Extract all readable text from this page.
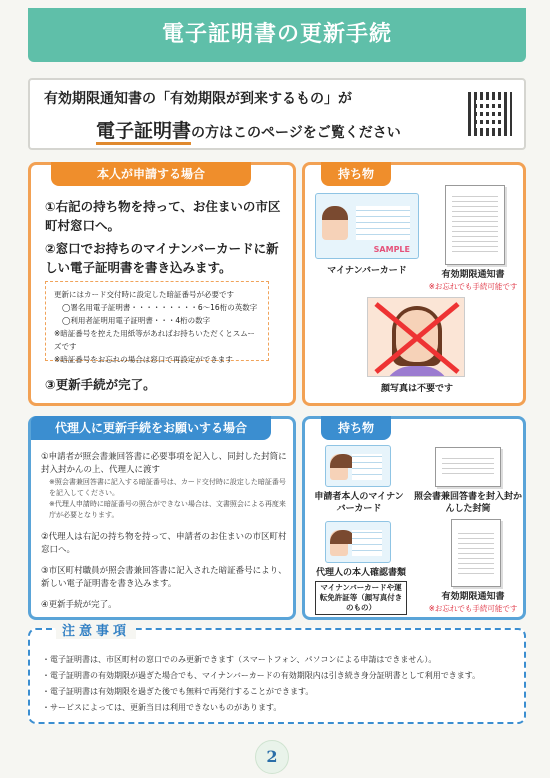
電子証明書の更新手続
有効期限通知書の「有効期限が到来するもの」が
電子証明書の方はこのページをご覧ください
本人が申請する場合
①右記の持ち物を持って、お住まいの市区町村窓口へ。
②窓口でお持ちのマイナンバーカードに新しい電子証明書を書き込みます。
更新にはカード交付時に設定した暗証番号が必要です
◯署名用電子証明書・・・・・・・・・6～16桁の英数字
◯利用者証明用電子証明書・・・4桁の数字
※暗証番号を控えた用紙等があればお持ちいただくとスムーズです
※暗証番号をお忘れの場合は窓口で再設定ができます
③更新手続が完了。
持ち物
SAMPLE
マイナンバーカード	有効期限通知書
※お忘れでも手続可能です
顔写真は不要です
代理人に更新手続をお願いする場合
①申請者が照会書兼回答書に必要事項を記入し、同封した封筒に封入封かんの上、代理人に渡す
※照会書兼回答書に記入する暗証番号は、カード交付時に設定した暗証番号を記入してください。
※代理人申請時に暗証番号の照合ができない場合は、文書照会による再度来庁が必要となります。
②代理人は右記の持ち物を持って、申請者のお住まいの市区町村窓口へ。
③市区町村職員が照会書兼回答書に記入された暗証番号により、新しい電子証明書を書き込みます。
④更新手続が完了。
持ち物
申請者本人のマイナンバーカード
照会書兼回答書を封入封かんした封筒
代理人の本人確認書類
マイナンバーカードや運転免許証等（顔写真付きのもの）
有効期限通知書
※お忘れでも手続可能です
注意事項
・電子証明書は、市区町村の窓口でのみ更新できます（スマートフォン、パソコンによる申請はできません）。
・電子証明書の有効期限が過ぎた場合でも、マイナンバーカードの有効期限内は引き続き身分証明書として利用できます。
・電子証明書は有効期限を過ぎた後でも無料で再発行することができます。
・サービスによっては、更新当日は利用できないものがあります。
2
